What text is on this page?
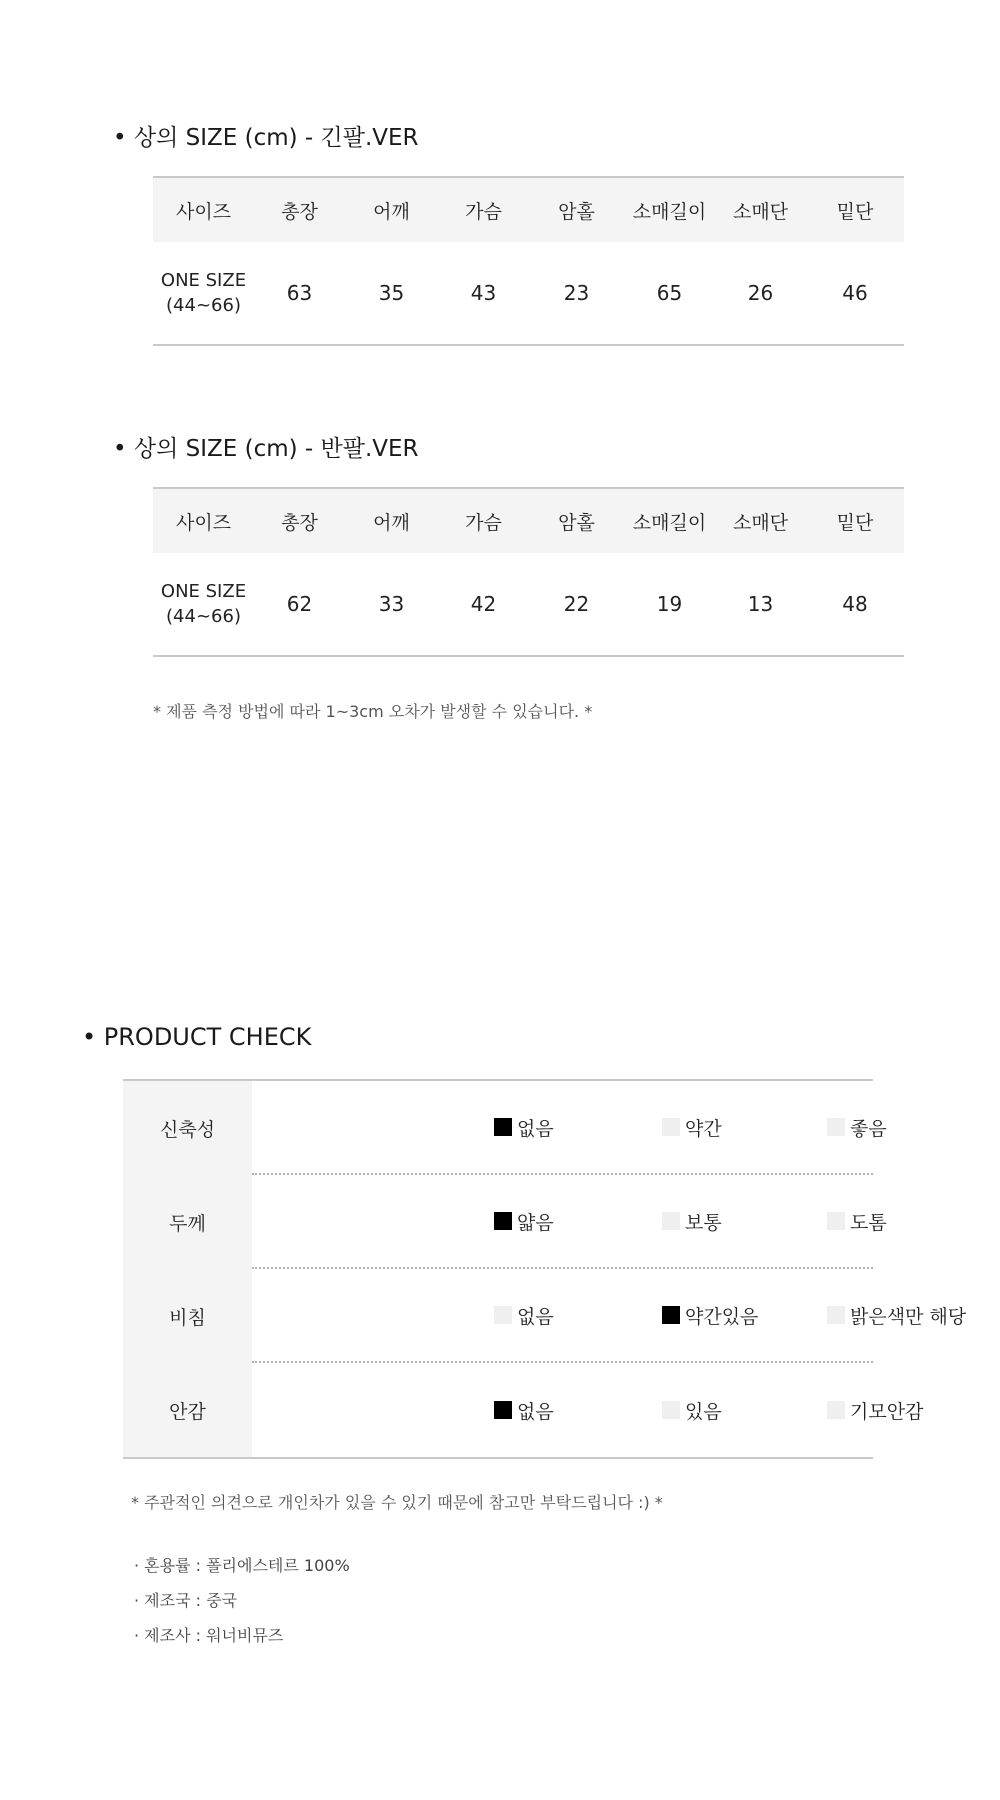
• 상의 SIZE (cm) - 긴팔.VER
사이즈	총장	어깨	가슴	암홀	소매길이	소매단	밑단
ONE SIZE
(44~66)	63	35	43	23	65	26	46
• 상의 SIZE (cm) - 반팔.VER
사이즈	총장	어깨	가슴	암홀	소매길이	소매단	밑단
ONE SIZE
(44~66)	62	33	42	22	19	13	48
* 제품 측정 방법에 따라 1~3cm 오차가 발생할 수 있습니다. *
• PRODUCT CHECK
신축성	없음	약간	좋음
두께	얇음	보통	도톰
비침	없음	약간있음	밝은색만 해당
안감	없음	있음	기모안감
* 주관적인 의견으로 개인차가 있을 수 있기 때문에 참고만 부탁드립니다 :) *
· 혼용률 : 폴리에스테르 100%
· 제조국 : 중국
· 제조사 : 워너비뮤즈
